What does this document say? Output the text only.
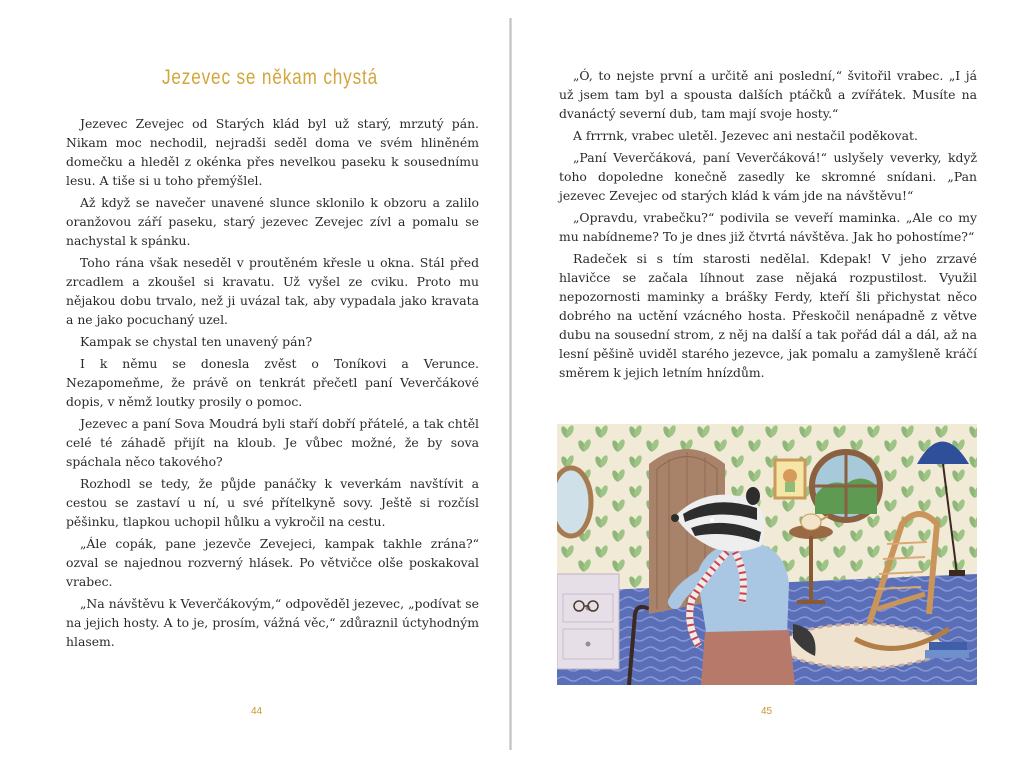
Jezevec se někam chystá

Jezevec Zevejec od Starých klád byl už starý, mrzutý pán. Nikam moc nechodil, nejradši seděl doma ve svém hliněném domečku a hleděl z okénka přes nevelkou paseku k sousednímu lesu. A tiše si u toho přemýšlel.

Až když se navečer unavené slunce sklonilo k obzoru a zalilo oranžovou září paseku, starý jezevec Zevejec zívl a pomalu se nachystal k spánku.

Toho rána však neseděl v proutěném křesle u okna. Stál před zrcadlem a zkoušel si kravatu. Už vyšel ze cviku. Proto mu nějakou dobu trvalo, než ji uvázal tak, aby vypadala jako kravata a ne jako pocuchaný uzel.

Kampak se chystal ten unavený pán?

I k němu se donesla zvěst o Toníkovi a Verunce. Nezapomeňme, že právě on tenkrát přečetl paní Veverčákové dopis, v němž loutky prosily o pomoc.

Jezevec a paní Sova Moudrá byli staří dobří přátelé, a tak chtěl celé té záhadě přijít na kloub. Je vůbec možné, že by sova spáchala něco takového?

Rozhodl se tedy, že půjde panáčky k veverkám navštívit a cestou se zastaví u ní, u své přítelkyně sovy. Ještě si rozčísl pěšinku, tlapkou uchopil hůlku a vykročil na cestu.

„Ále copák, pane jezevče Zevejeci, kampak takhle zrána?“ ozval se najednou rozverný hlásek. Po větvičce olše poskakoval vrabec.

„Na návštěvu k Veverčákovým,“ odpověděl jezevec, „podívat se na jejich hosty. A to je, prosím, vážná věc,“ zdůraznil úctyhodným hlasem.

44

„Ó, to nejste první a určitě ani poslední,“ švitořil vrabec. „I já už jsem tam byl a spousta dalších ptáčků a zvířátek. Musíte na dvanáctý severní dub, tam mají svoje hosty.“

A frrrnk, vrabec uletěl. Jezevec ani nestačil poděkovat.

„Paní Veverčáková, paní Veverčáková!“ uslyšely veverky, když toho dopoledne konečně zasedly ke skromné snídani. „Pan jezevec Zevejec od starých klád k vám jde na návštěvu!“

„Opravdu, vrabečku?“ podivila se veveří maminka. „Ale co my mu nabídneme? To je dnes již čtvrtá návštěva. Jak ho pohostíme?“

Radeček si s tím starosti nedělal. Kdepak! V jeho zrzavé hlavičce se začala líhnout zase nějaká rozpustilost. Využil nepozornosti maminky a brášky Ferdy, kteří šli přichystat něco dobrého na uctění vzácného hosta. Přeskočil nenápadně z větve dubu na sousední strom, z něj na další a tak pořád dál a dál, až na lesní pěšině uviděl starého jezevce, jak pomalu a zamyšleně kráčí směrem k jejich letním hnízdům.

45
